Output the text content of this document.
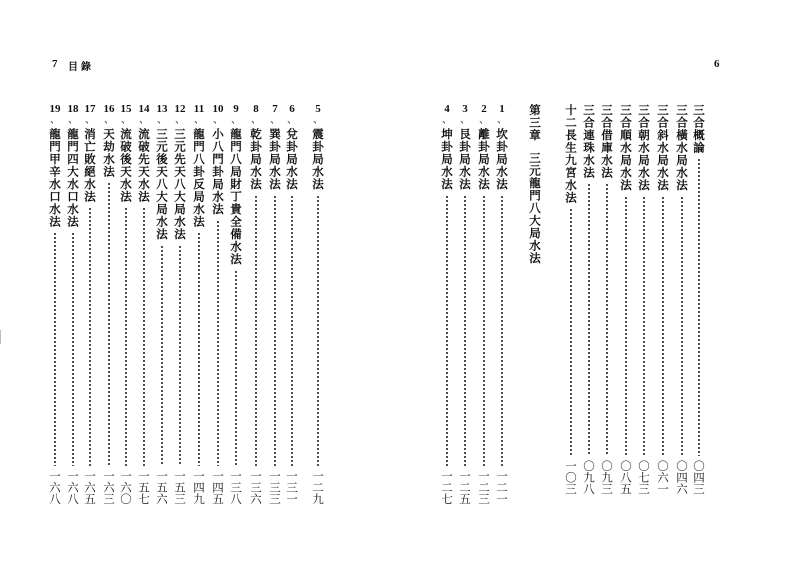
7 目錄	6
5
、
震卦局水法
一二九
6
、
兌卦局水法
一三一
7
、
巽卦局水法
一三三
8
、
乾卦局水法
一三六
9
、
龍門八局財丁貴全備水法
一三八
10
、
小八門卦局水法
一四五
11
、
龍門八卦反局水法
一四九
12
、
三元先天八大局水法
一五三
13
、
三元後天八大局水法
一五六
14
、
流破先天水法
一五七
15
、
流破後天水法
一六〇
16
、
天劫水法
一六三
17
、
消亡敗絕水法
一六五
18
、
龍門四大水口水法
一六八
19
、
龍門甲辛水口水法
一六八
三合概論
〇四三
三合橫水局水法
〇四六
三合斜水局水法
〇六一
三合朝水局水法
〇七三
三合順水局水法
〇八五
三合借庫水法
〇九三
三合連珠水法
〇九八
十二長生九宮水法
一〇三
第三章
三元龍門八大局水法
1
、
坎卦局水法
一二一
2
、
離卦局水法
一二三
3
、
艮卦局水法
一二五
4
、
坤卦局水法
一二七
